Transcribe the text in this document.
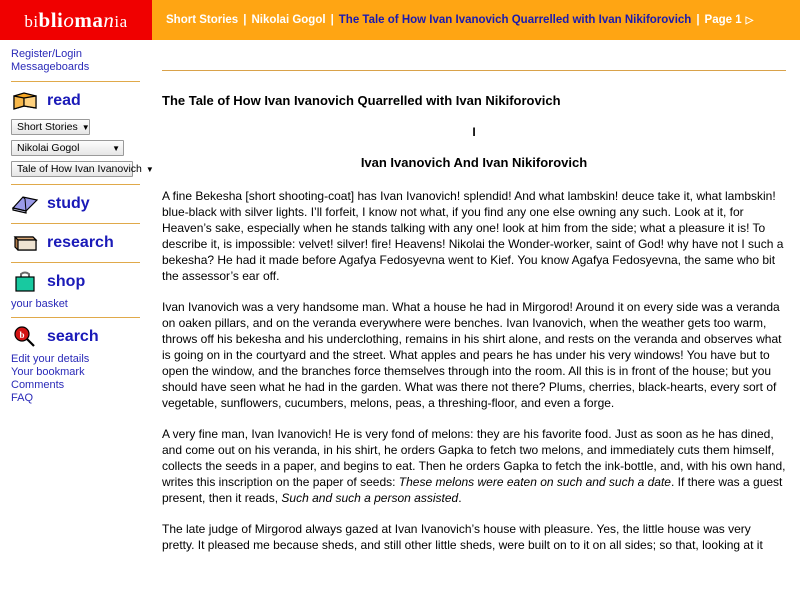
bibliomania	Short Stories | Nikolai Gogol | The Tale of How Ivan Ivanovich Quarrelled with Ivan Nikiforovich | Page 1 ▷
Register/Login
Messageboards
read
Short Stories ▼
Nikolai Gogol	▼
Tale of How Ivan Ivanovich ▼
study
research
shop
your basket
b search
Edit your details
Your bookmark
Comments
FAQ
The Tale of How Ivan Ivanovich Quarrelled with Ivan Nikiforovich
I
Ivan Ivanovich And Ivan Nikiforovich

A fine Bekesha [short shooting-coat] has Ivan Ivanovich! splendid! And what lambskin! deuce take it, what lambskin! blue-black with silver lights. I’ll forfeit, I know not what, if you find any one else owning any such. Look at it, for Heaven’s sake, especially when he stands talking with any one! look at him from the side; what a pleasure it is! To describe it, is impossible: velvet! silver! fire! Heavens! Nikolai the Wonder-worker, saint of God! why have not I such a bekesha? He had it made before Agafya Fedosyevna went to Kief. You know Agafya Fedosyevna, the same who bit the assessor’s ear off.

Ivan Ivanovich was a very handsome man. What a house he had in Mirgorod! Around it on every side was a veranda on oaken pillars, and on the veranda everywhere were benches. Ivan Ivanovich, when the weather gets too warm, throws off his bekesha and his underclothing, remains in his shirt alone, and rests on the veranda and observes what is going on in the courtyard and the street. What apples and pears he has under his very windows! You have but to open the window, and the branches force themselves through into the room. All this is in front of the house; but you should have seen what he had in the garden. What was there not there? Plums, cherries, black-hearts, every sort of vegetable, sunflowers, cucumbers, melons, peas, a threshing-floor, and even a forge.

A very fine man, Ivan Ivanovich! He is very fond of melons: they are his favorite food. Just as soon as he has dined, and come out on his veranda, in his shirt, he orders Gapka to fetch two melons, and immediately cuts them himself, collects the seeds in a paper, and begins to eat. Then he orders Gapka to fetch the ink-bottle, and, with his own hand, writes this inscription on the paper of seeds: These melons were eaten on such and such a date. If there was a guest present, then it reads, Such and such a person assisted.

The late judge of Mirgorod always gazed at Ivan Ivanovich’s house with pleasure. Yes, the little house was very pretty. It pleased me because sheds, and still other little sheds, were built on to it on all sides; so that, looking at it
